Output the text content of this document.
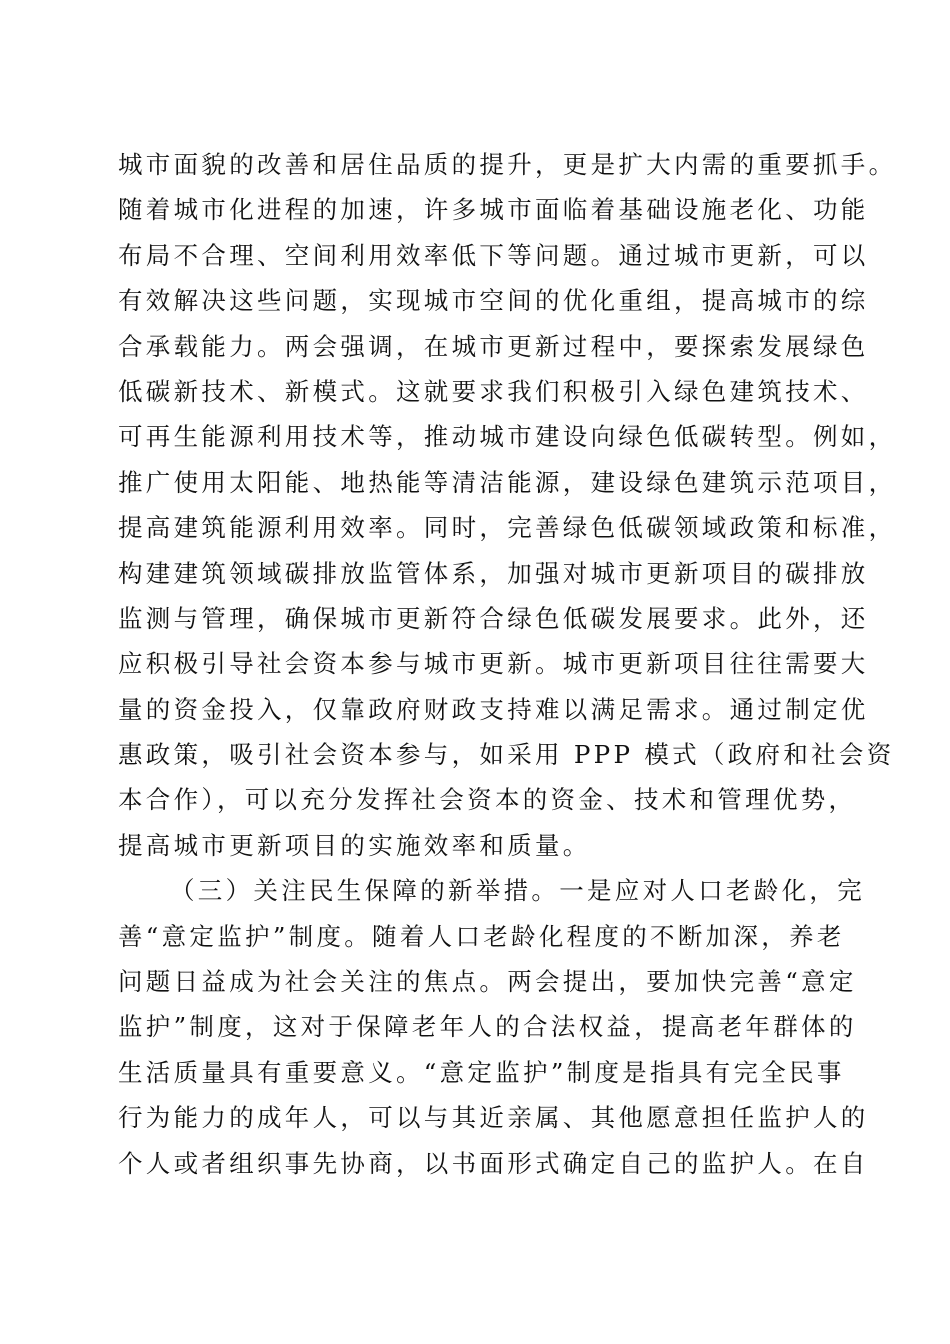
城市面貌的改善和居住品质的提升，更是扩大内需的重要抓手。
随着城市化进程的加速，许多城市面临着基础设施老化、功能
布局不合理、空间利用效率低下等问题。通过城市更新，可以
有效解决这些问题，实现城市空间的优化重组，提高城市的综
合承载能力。两会强调，在城市更新过程中，要探索发展绿色
低碳新技术、新模式。这就要求我们积极引入绿色建筑技术、
可再生能源利用技术等，推动城市建设向绿色低碳转型。例如，
推广使用太阳能、地热能等清洁能源，建设绿色建筑示范项目，
提高建筑能源利用效率。同时，完善绿色低碳领域政策和标准，
构建建筑领域碳排放监管体系，加强对城市更新项目的碳排放
监测与管理，确保城市更新符合绿色低碳发展要求。此外，还
应积极引导社会资本参与城市更新。城市更新项目往往需要大
量的资金投入，仅靠政府财政支持难以满足需求。通过制定优
惠政策，吸引社会资本参与，如采用 PPP 模式（政府和社会资
本合作），可以充分发挥社会资本的资金、技术和管理优势，
提高城市更新项目的实施效率和质量。
（三）关注民生保障的新举措。一是应对人口老龄化，完
善“意定监护”制度。随着人口老龄化程度的不断加深，养老
问题日益成为社会关注的焦点。两会提出，要加快完善“意定
监护”制度，这对于保障老年人的合法权益，提高老年群体的
生活质量具有重要意义。“意定监护”制度是指具有完全民事
行为能力的成年人，可以与其近亲属、其他愿意担任监护人的
个人或者组织事先协商，以书面形式确定自己的监护人。在自
